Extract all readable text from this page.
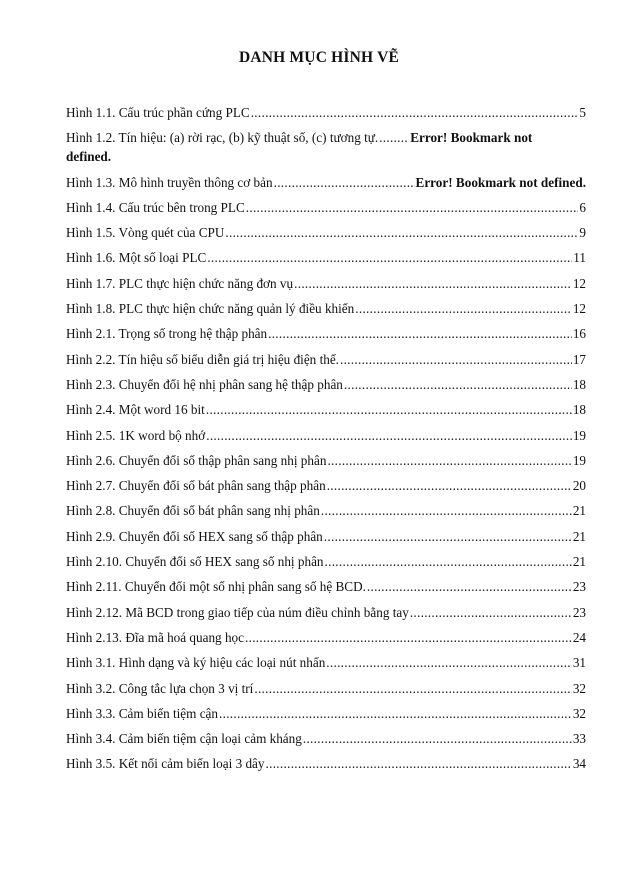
DANH MỤC HÌNH VẼ
Hình 1.1. Cấu trúc phần cứng PLC .....	5
Hình 1.2. Tín hiệu: (a) rời rạc, (b) kỹ thuật số, (c) tương tự. ..... Error! Bookmark not
defined.
Hình 1.3. Mô hình truyền thông cơ bản .....	Error! Bookmark not defined.
Hình 1.4. Cấu trúc bên trong PLC .....	6
Hình 1.5. Vòng quét của CPU .....	9
Hình 1.6. Một số loại PLC .....	11
Hình 1.7. PLC thực hiện chức năng đơn vụ .....	12
Hình 1.8. PLC thực hiện chức năng quản lý điều khiển .....	12
Hình 2.1. Trọng số trong hệ thập phân .....	16
Hình 2.2. Tín hiệu số biểu diễn giá trị hiệu điện thế. .....	17
Hình 2.3. Chuyển đổi hệ nhị phân sang hệ thập phân .....	18
Hình 2.4. Một word 16 bit .....	18
Hình 2.5. 1K word bộ nhớ .....	19
Hình 2.6. Chuyển đổi số thập phân sang nhị phân .....	19
Hình 2.7. Chuyển đổi số bát phân sang thập phân .....	20
Hình 2.8. Chuyển đổi số bát phân sang nhị phân .....	21
Hình 2.9. Chuyển đổi số HEX sang số thập phân .....	21
Hình 2.10. Chuyển đổi số HEX sang số nhị phân .....	21
Hình 2.11. Chuyển đổi một số nhị phân sang số hệ BCD. .....	23
Hình 2.12. Mã BCD trong giao tiếp của núm điều chỉnh bằng tay .....	23
Hình 2.13. Đĩa mã hoá quang học .....	24
Hình 3.1. Hình dạng và ký hiệu các loại nút nhấn .....	31
Hình 3.2. Công tắc lựa chọn 3 vị trí .....	32
Hình 3.3. Cảm biến tiệm cận .....	32
Hình 3.4. Cảm biến tiệm cận loại cảm kháng .....	33
Hình 3.5. Kết nối cảm biến loại 3 dây .....	34
